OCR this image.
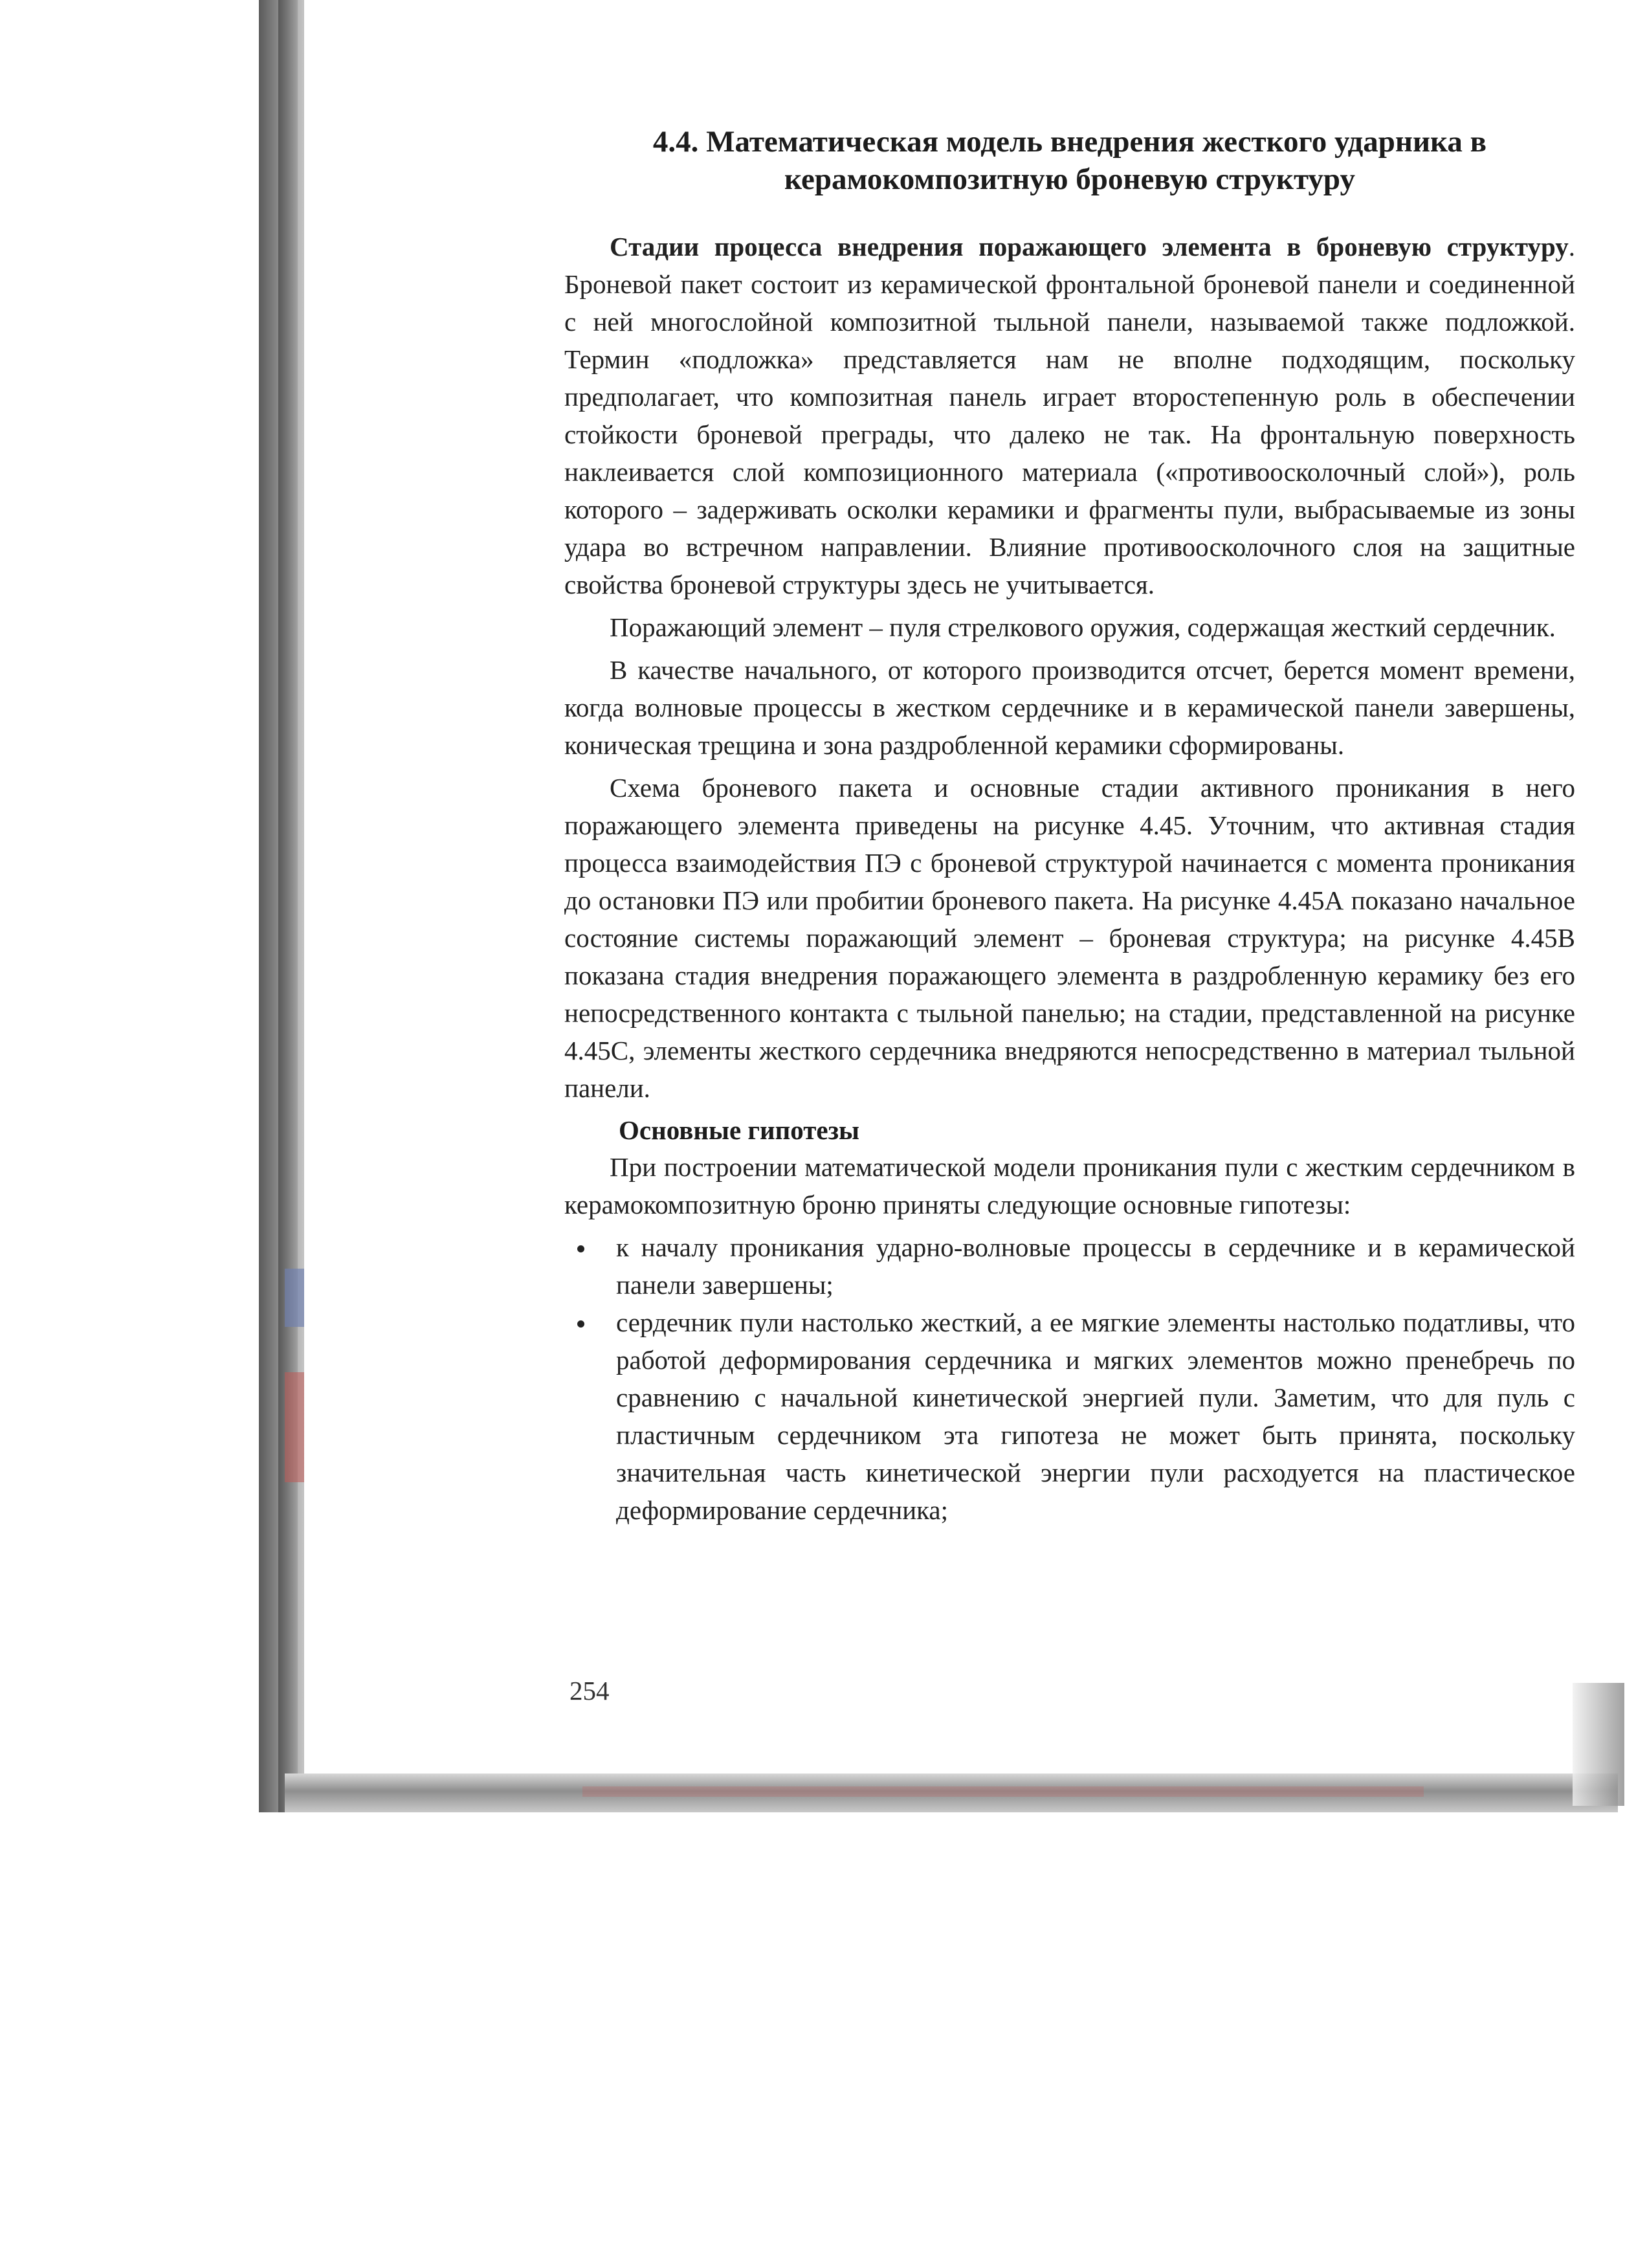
4.4. Математическая модель внедрения жесткого ударника в
керамокомпозитную броневую структуру

Стадии процесса внедрения поражающего элемента в броневую структуру. Броневой пакет состоит из керамической фронтальной броневой панели и соединенной с ней многослойной композитной тыльной панели, называемой также подложкой. Термин «подложка» представляется нам не вполне подходящим, поскольку предполагает, что композитная панель играет второстепенную роль в обеспечении стойкости броневой преграды, что далеко не так. На фронтальную поверхность наклеивается слой композиционного материала («противоосколочный слой»), роль которого – задерживать осколки керамики и фрагменты пули, выбрасываемые из зоны удара во встречном направлении. Влияние противоосколочного слоя на защитные свойства броневой структуры здесь не учитывается.

Поражающий элемент – пуля стрелкового оружия, содержащая жесткий сердечник.

В качестве начального, от которого производится отсчет, берется момент времени, когда волновые процессы в жестком сердечнике и в керамической панели завершены, коническая трещина и зона раздробленной керамики сформированы.

Схема броневого пакета и основные стадии активного проникания в него поражающего элемента приведены на рисунке 4.45. Уточним, что активная стадия процесса взаимодействия ПЭ с броневой структурой начинается с момента проникания до остановки ПЭ или пробитии броневого пакета. На рисунке 4.45А показано начальное состояние системы поражающий элемент – броневая структура; на рисунке 4.45В показана стадия внедрения поражающего элемента в раздробленную керамику без его непосредственного контакта с тыльной панелью; на стадии, представленной на рисунке 4.45С, элементы жесткого сердечника внедряются непосредственно в материал тыльной панели.

Основные гипотезы

При построении математической модели проникания пули с жестким сердечником в керамокомпозитную броню приняты следующие основные гипотезы:

к началу проникания ударно-волновые процессы в сердечнике и в керамической панели завершены;
сердечник пули настолько жесткий, а ее мягкие элементы настолько податливы, что работой деформирования сердечника и мягких элементов можно пренебречь по сравнению с начальной кинетической энергией пули. Заметим, что для пуль с пластичным сердечником эта гипотеза не может быть принята, поскольку значительная часть кинетической энергии пули расходуется на пластическое деформирование сердечника;
254
